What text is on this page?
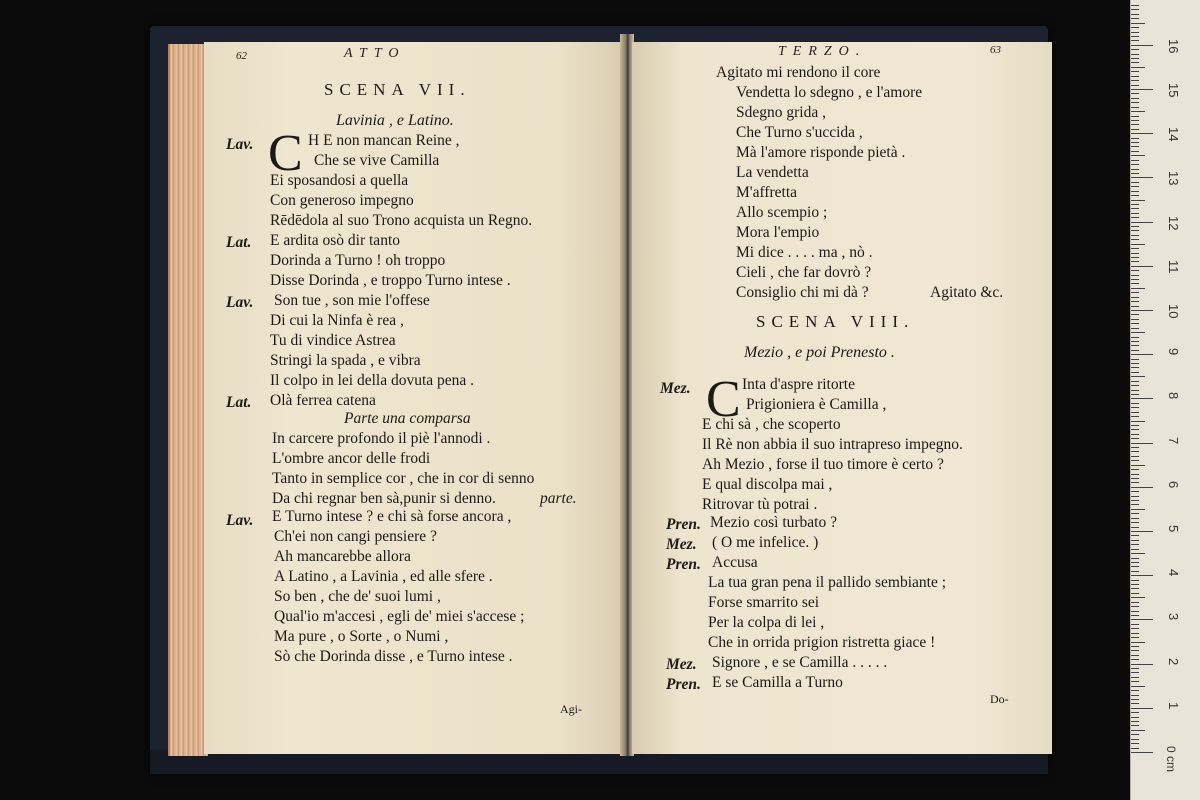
62	ATTO
SCENA VII.
Lavinia , e Latino.
Lav. C H E non mancan Reine ,
Che se vive Camilla
Ei sposandosi a quella
Con generoso impegno
Rēdēdola al suo Trono acquista un Regno.
Lat. E ardita osò dir tanto
Dorinda a Turno ! oh troppo
Disse Dorinda , e troppo Turno intese .
Lav. Son tue , son mie l'offese
Di cui la Ninfa è rea ,
Tu di vindice Astrea
Stringi la spada , e vibra
Il colpo in lei della dovuta pena .
Lat. Olà ferrea catena
Parte una comparsa
In carcere profondo il piè l'annodi .
L'ombre ancor delle frodi
Tanto in semplice cor , che in cor di senno
Da chi regnar ben sà,punir si denno.	parte.
Lav. E Turno intese ? e chi sà forse ancora ,
Ch'ei non cangi pensiere ?
Ah mancarebbe allora
A Latino , a Lavinia , ed alle sfere .
So ben , che de' suoi lumi ,
Qual'io m'accesi , egli de' miei s'accese ;
Ma pure , o Sorte , o Numi ,
Sò che Dorinda disse , e Turno intese .
Agi-
TERZO.	63
Agitato mi rendono il core
Vendetta lo sdegno , e l'amore
Sdegno grida ,
Che Turno s'uccida ,
Mà l'amore risponde pietà .
La vendetta
M'affretta
Allo scempio ;
Mora l'empio
Mi dice . . . . ma , nò .
Cieli , che far dovrò ?
Consiglio chi mi dà ?	Agitato &c.
SCENA VIII.
Mezio , e poi Prenesto .
Mez. C Inta d'aspre ritorte
Prigioniera è Camilla ,
E chi sà , che scoperto
Il Rè non abbia il suo intrapreso impegno.
Ah Mezio , forse il tuo timore è certo ?
E qual discolpa mai ,
Ritrovar tù potrai .
Pren. Mezio così turbato ?
Mez. ( O me infelice. )
Pren. Accusa
La tua gran pena il pallido sembiante ;
Forse smarrito sei
Per la colpa di lei ,
Che in orrida prigion ristretta giace !
Mez. Signore , e se Camilla . . . . .
Pren. E se Camilla a Turno
Do-
16
15
14
13
12
11
10
9
8
7
6
5
4
3
2
1
0 cm
